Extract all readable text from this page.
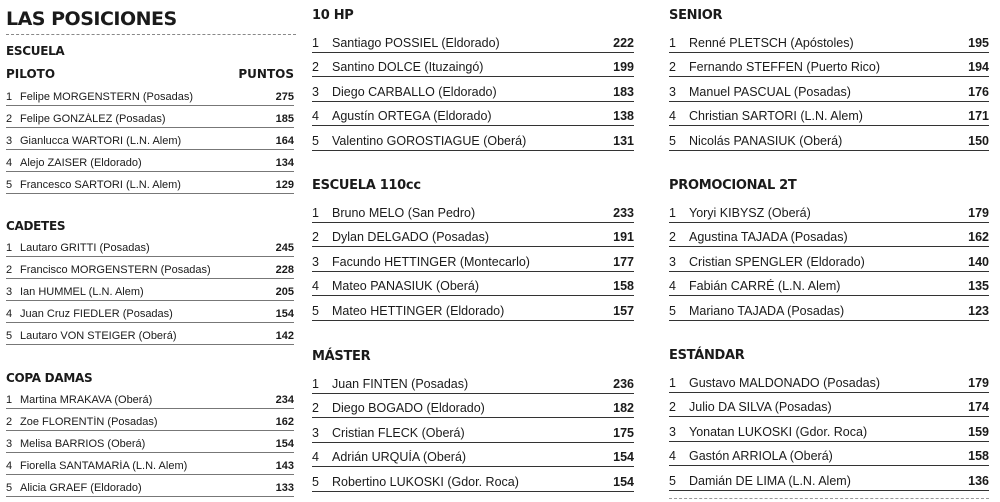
LAS POSICIONES
ESCUELA
PILOTO	PUNTOS
1 Felipe MORGENSTERN (Posadas)	275
2 Felipe GONZÁLEZ (Posadas)	185
3 Gianlucca WARTORI (L.N. Alem)	164
4 Alejo ZAISER (Eldorado)	134
5 Francesco SARTORI (L.N. Alem)	129
CADETES
1 Lautaro GRITTI (Posadas)	245
2 Francisco MORGENSTERN (Posadas)	228
3 Ian HUMMEL (L.N. Alem)	205
4 Juan Cruz FIEDLER (Posadas)	154
5 Lautaro VON STEIGER (Oberá)	142
COPA DAMAS
1 Martina MRAKAVA (Oberá)	234
2 Zoe FLORENTÍN (Posadas)	162
3 Melisa BARRIOS (Oberá)	154
4 Fiorella SANTAMARÍA (L.N. Alem)	143
5 Alicia GRAEF (Eldorado)	133
10 HP
1 Santiago POSSIEL (Eldorado)	222
2 Santino DOLCE (Ituzaingó)	199
3 Diego CARBALLO (Eldorado)	183
4 Agustín ORTEGA (Eldorado)	138
5 Valentino GOROSTIAGUE (Oberá)	131
ESCUELA 110cc
1 Bruno MELO (San Pedro)	233
2 Dylan DELGADO (Posadas)	191
3 Facundo HETTINGER (Montecarlo)	177
4 Mateo PANASIUK (Oberá)	158
5 Mateo HETTINGER (Eldorado)	157
MÁSTER
1 Juan FINTEN (Posadas)	236
2 Diego BOGADO (Eldorado)	182
3 Cristian FLECK (Oberá)	175
4 Adrián URQUÍA (Oberá)	154
5 Robertino LUKOSKI (Gdor. Roca)	154
SENIOR
1 Renné PLETSCH (Apóstoles)	195
2 Fernando STEFFEN (Puerto Rico)	194
3 Manuel PASCUAL (Posadas)	176
4 Christian SARTORI (L.N. Alem)	171
5 Nicolás PANASIUK (Oberá)	150
PROMOCIONAL 2T
1 Yoryi KIBYSZ (Oberá)	179
2 Agustina TAJADA (Posadas)	162
3 Cristian SPENGLER (Eldorado)	140
4 Fabián CARRÉ (L.N. Alem)	135
5 Mariano TAJADA (Posadas)	123
ESTÁNDAR
1 Gustavo MALDONADO (Posadas)	179
2 Julio DA SILVA (Posadas)	174
3 Yonatan LUKOSKI (Gdor. Roca)	159
4 Gastón ARRIOLA (Oberá)	158
5 Damián DE LIMA (L.N. Alem)	136
